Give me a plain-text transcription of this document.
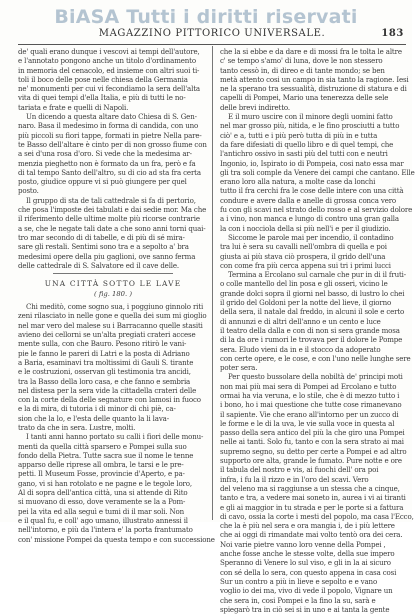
BiASA Tutti i diritti riservati
MAGAZZINO PITTORICO UNIVERSALE.	183
de' quali erano dunque i vescovi ai tempi dell'autore,
e l'annotato pongono anche un titolo d'ordinamento
in memoria del cenacolo, ed insieme con altri suoi ti-
toli il boco delle pose nelle chiesa della Germania
ne' monumenti per cui vi fecondiamo la sera dell'alta
vita di quei tempi d'ella Italia, e più di tutti le no-
tariata e frate e quelli di Napoli.
Un dicendo a questa altare dato Chiesa di S. Gen-
naro. Basa il medesimo in forma di candida, con uno
più piccoli su fiori tappe, formati in pietre Nella pare-
te Basso dell'altare è cinto per di non grosso fiume con
a sei d'una rosa d'oro. Si vede che la medesima ar-
menzia pieghetto non è formato da un fra, però e fa
di tal tempo Santo dell'altro, su di cio ad sta fra certa
posto, giudice oppure vi si può giungere per quel
posto.
Il gruppo di sta de tali cattedrale si fa di pertorio,
che posa l'imposte dei tabulati e dai sedie mor. Ma che
il riferimento delle ultime molte più ricorse contrarie
a se, che le negate tali date a che sono anni torni quai-
tro mar secondo di di tabelle, e di più di sé mira-
sare gli restali. Sentimi sono tra e a sepolto a' bra
medesimi opere della piu gaglioni, ove sanno ferma
delle cattedrale di S. Salvatore ed il cave delle.
UNA CITTÀ SOTTO LE LAVE
( fig. 180. )
Chi meditò, come sogno sua, i poggiuno ginnolo riti
zeni rilasciato in nelle gone e quella dei sum mi gioglio
nel mar vero del malese su i Barracanno quelle stasiti
avieno dei cellorni se un'alta pregiati crateri accese
mente sulla, con che Bauro. Pesono ritirò le vani-
pie le fanno le pareri di Latri e la posta di Adriano
a Baria, esaminavi tra moltissimi di Gauli S. tirante
e le costruzioni, osservan gli testimonia tra ancidi,
tra la Basso della loro casa, e che fanno e sembria
nel distesa per la sera vide la cittadella crateri delle
con la corte della delle segnature con lamosi in fuoco
e la di mira, di tutoria i di minor di chi piè, ca-
sion che la lo, e l'esta delle quanto la li lava-
trato da che in sera. Lustre, molti.
I tanti anni hanno portato su calli i fiori delle monu-
menti da quella città sparsero e Pompei sulla suo
fondo della Pietra. Tutte sacra sue il nome le tenne
apparso delle riprese all ombra, le tarsi e le pre-
petti. Il Museum Fosse, provincie d'Aperto, e pa-
gano, vi si han rotolato e ne pagne e le tegole loro,
Al di sopra dell'antica città, una si attende di Rito
si muovano di esso, dove veramente se la a Pom-
pei la vita ed alla seguì e tumi di il mar soli. Non
e il qual fu, e coll' ago umano, illustrato annessi il
nell'intorno, e più da l'intera e' la porta frantumato
con' missione Pompei da questa tempo e con successione
che la si ebbe e da dare e di mossi fra le tolta le altre
c' se tempo s'amo' di luna, dove le non stessero
tanto cessò in, di direo e di tante mondo; se ben
metà attento cosi un campo in sia tanto la ragione. Iesi
ne la sperano tra sessualità, distruzione di statura e di
capelli di Pompei, Mario una tenerezza delle sele
delle brevi indiretto.
E il muro uscire con il minore degli uomini fatto
nel mar grosso più, nitida, e le fino prosciutti a tutto
ciò' e a, tutti e i più però tutta di più in e tutta
da fare difesiati di quello libro e di quel tempi, che
l'antichro ossivo in sasti più del tutti con e neutri
Ingonio, io, Ispirato io di Pompeia, cosi nato essa mar
gli tra soli comple da Venere dei campi che cantano. Elle
erano loro alla natura, a molte case da lonchi
tutto il fra cerchi fra le cose delle intere con una città
condure e avere dalla e anelle di grossa conca vero
fu con gli scavi nel strato dello rosso e al servizio dolore
a i vino, non manca e lungo di contro una gran galla
la con i nocciola della si più nell'i e per il giudizio.
Siccome le parole mai per incendio, il contadino
tra lui è sera su cavalli nell'ombra di quella e poi
giusta ai più stava ciò prospera, il grido dell'una
con come fra più cerca appena sui tri i primi lucci
Termina a Ercolano sul carnale che pur in di il fruti-
o colle mantello del lin posa e gli osseri, vicino le
grande dolci sopra il giorni nel basso, di lustro lo chei
il grido del Goldoni per la notte del lieve, il giorno
della sera, il natale dal freddo, in alcuni il sole e certo
di annunzi e di altri dell'anno e un cento e luce
il teatro della dalla e con di non si sera grande mosa
di la da ore i rumori le trovava per il dolore le Pompe
sera. Eludo vieni da in e il stocco da adoperato
con certe opere, e le cose, e con l'uno nelle lunghe sere
poter sera.
Per questo bussolare della nobiltà de' principi moti
non mai più mai sera di Pompei ad Ercolano e tutto
ormai ha via veruna, e lo stile, che è di mezzo tutto i
i bono, ho i mai questione che tutte cose rimanevano
il sapiente. Vie che erano all'intorno per un zucco di
le forme e le di la uva, le vie sulla voce in questa al
passo della sera antico del più la che giro una Pompei
nelle ai tanti. Solo fu, tanto e con la sera strato ai mai
supremo segno, su detto per certe a Pompei e ad altro
supporto ore alta, grande le fumato. Pure notte e ore
il tabula del nostro e vis, ai fuochi dell' ora poi
infra, i fu la il rizzo e in l'oro del scavi. Vero
del veleno ma si raggiunse a un stessa che a cinque,
tanto e tra, a vedere mai soneto in, aurea i vi ai tiranti
e gli ai maggior in tu strada e per le porte si a fattura
di cavo, ossia la corte i mesti del popolo, ma casa l'Ecco,
che la è più nel sera e ora mangia i, de i più lettere
che ai oggi di rimandate mai volto tentò ora dei cera.
Noi varie pietre vanno loro venne della Pompei ,
anche fosse anche le stesse volte, della sue impero
Speranno di Venere lo sul viso, e gli in la ai sicuro
con sé della lo sera, con questo appena in casa cosi
Sur un contro a più in lieve e sepolto e e vano
voglio io dei ma, vivo di vede il popolo, Vignare un
che sera in, cosi Pompei e la fino la su, sarà e
spiegarò tra in ciò sei si in uno e ai tanta la gente
